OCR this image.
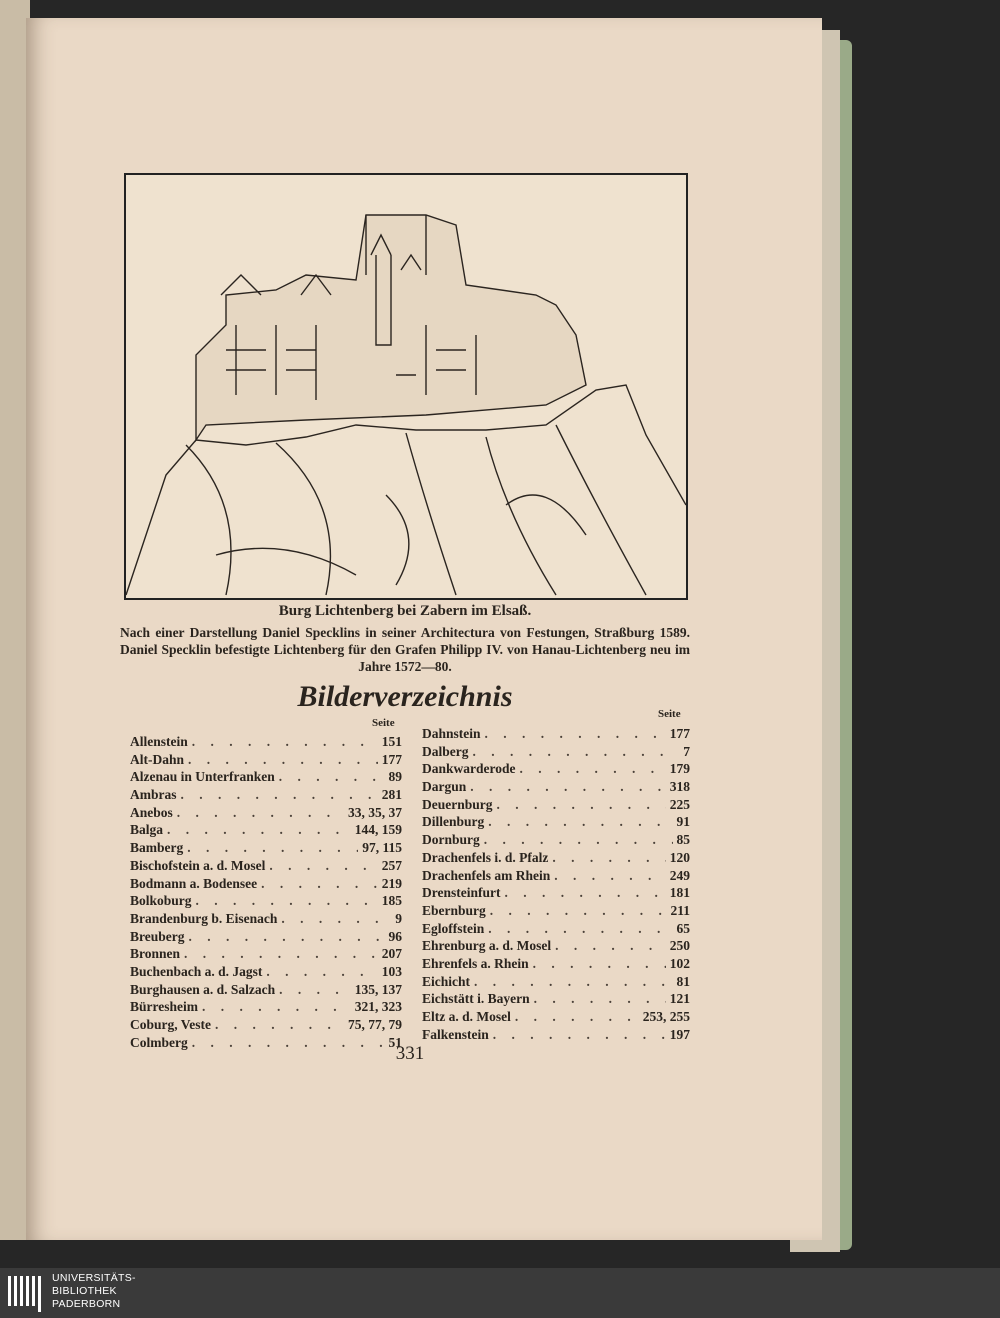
Burg Lichtenberg bei Zabern im Elsaß.
Nach einer Darstellung Daniel Specklins in seiner Architectura von Festungen, Straßburg 1589. Daniel Specklin befestigte Lichtenberg für den Grafen Philipp IV. von Hanau-Lichtenberg neu im Jahre 1572—80.
Bilderverzeichnis
Seite
Seite
Allenstein . . .	151
Alt-Dahn . . .	177
Alzenau in Unterfranken . . .	89
Ambras . . .	281
Anebos . . .	33, 35, 37
Balga . . .	144, 159
Bamberg . . .	97, 115
Bischofstein a. d. Mosel . . .	257
Bodmann a. Bodensee . . .	219
Bolkoburg . . .	185
Brandenburg b. Eisenach . . .	9
Breuberg . . .	96
Bronnen . . .	207
Buchenbach a. d. Jagst . . .	103
Burghausen a. d. Salzach . . .	135, 137
Bürresheim . . .	321, 323
Coburg, Veste . . .	75, 77, 79
Colmberg . . .	51
Dahnstein . . .	177
Dalberg . . .	7
Dankwarderode . . .	179
Dargun . . .	318
Deuernburg . . .	225
Dillenburg . . .	91
Dornburg . . .	85
Drachenfels i. d. Pfalz . . .	120
Drachenfels am Rhein . . .	249
Drensteinfurt . . .	181
Ebernburg . . .	211
Egloffstein . . .	65
Ehrenburg a. d. Mosel . . .	250
Ehrenfels a. Rhein . . .	102
Eichicht . . .	81
Eichstätt i. Bayern . . .	121
Eltz a. d. Mosel . . .	253, 255
Falkenstein . . .	197
331
UNIVERSITÄTS-
BIBLIOTHEK
PADERBORN
